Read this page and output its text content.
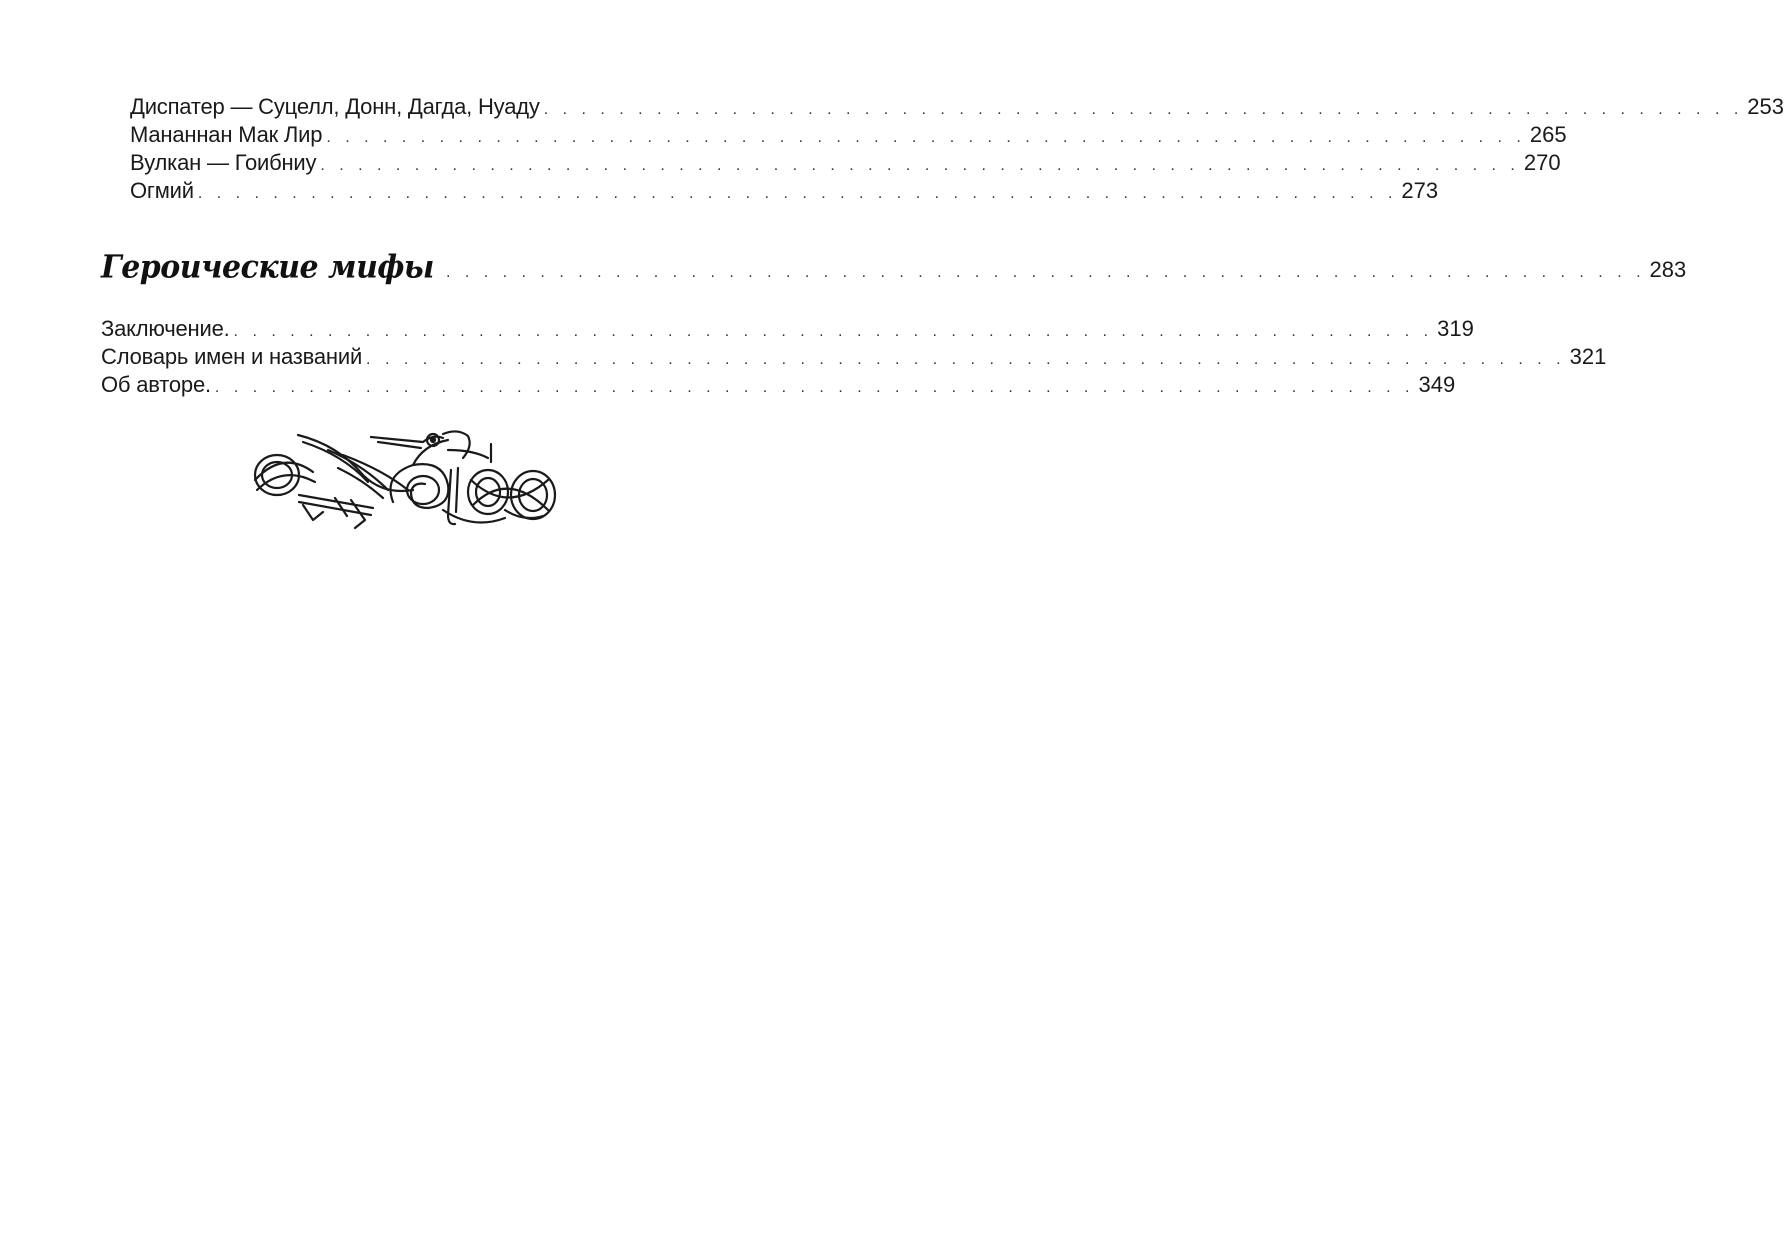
Диспатер — Суцелл, Донн, Дагда, Нуаду . . . . . . . . . . . . . . . . . . . . . . . . . . . . . . . . . . . . . . . . . . . . . . . . . . . . . . . . . . . . . . . . 253
Мананнан Мак Лир . . . . . . . . . . . . . . . . . . . . . . . . . . . . . . . . . . . . . . . . . . . . . . . . . . . . . . . . . . . . . . . . 265
Вулкан — Гоибниу . . . . . . . . . . . . . . . . . . . . . . . . . . . . . . . . . . . . . . . . . . . . . . . . . . . . . . . . . . . . . . . . 270
Огмий . . . . . . . . . . . . . . . . . . . . . . . . . . . . . . . . . . . . . . . . . . . . . . . . . . . . . . . . . . . . . . . . 273
Героические мифы . . . . . . . . . . . . . . . . . . . . . . . . . . . . . . . . . . . . . . . . . . . . . . . . . . . . . . . . . . . . . . . . 283
Заключение. . . . . . . . . . . . . . . . . . . . . . . . . . . . . . . . . . . . . . . . . . . . . . . . . . . . . . . . . . . . . . . . . 319
Словарь имен и названий . . . . . . . . . . . . . . . . . . . . . . . . . . . . . . . . . . . . . . . . . . . . . . . . . . . . . . . . . . . . . . . . 321
Об авторе. . . . . . . . . . . . . . . . . . . . . . . . . . . . . . . . . . . . . . . . . . . . . . . . . . . . . . . . . . . . . . . . . 349
